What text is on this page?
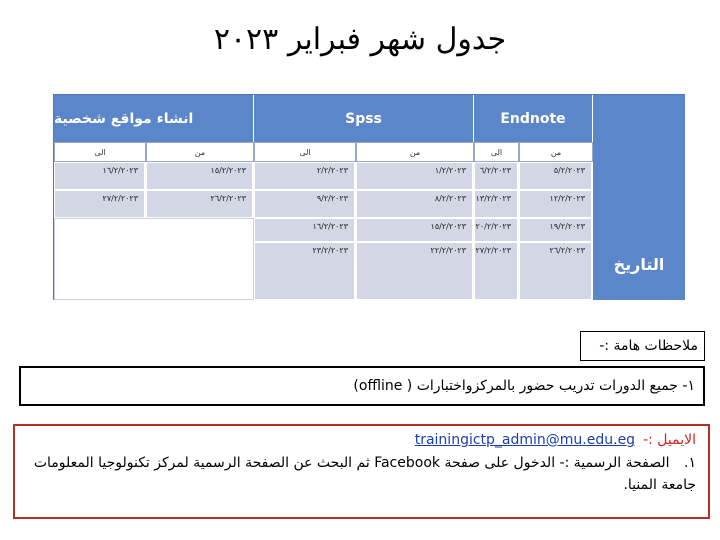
جدول شهر فبراير ٢٠٢٣
Endnote
Spss
انشاء مواقع شخصية
التاريخ
من
الى
من
الى
من
الى
٥/٢/٢٠٢٣
٦/٢/٢٠٢٣
١/٢/٢٠٢٣
٢/٢/٢٠٢٣
١٥/٢/٢٠٢٣
١٦/٢/٢٠٢٣
١٢/٢/٢٠٢٣
١٣/٢/٢٠٢٣
٨/٢/٢٠٢٣
٩/٢/٢٠٢٣
٢٦/٢/٢٠٢٣
٢٧/٢/٢٠٢٣
١٩/٢/٢٠٢٣
٢٠/٢/٢٠٢٣
١٥/٢/٢٠٢٣
١٦/٢/٢٠٢٣
٢٦/٢/٢٠٢٣
٢٧/٢/٢٠٢٣
٢٢/٢/٢٠٢٣
٢٣/٢/٢٠٢٣
ملاحظات هامة :-
١- جميع الدورات تدريب حضور بالمركزواختبارات ( offline)
الايميل :-
trainingictp_admin@mu.edu.eg
١. الصفحة الرسمية :- الدخول على صفحة Facebook ثم البحث عن الصفحة الرسمية لمركز تكنولوجيا المعلومات جامعة المنيا.
